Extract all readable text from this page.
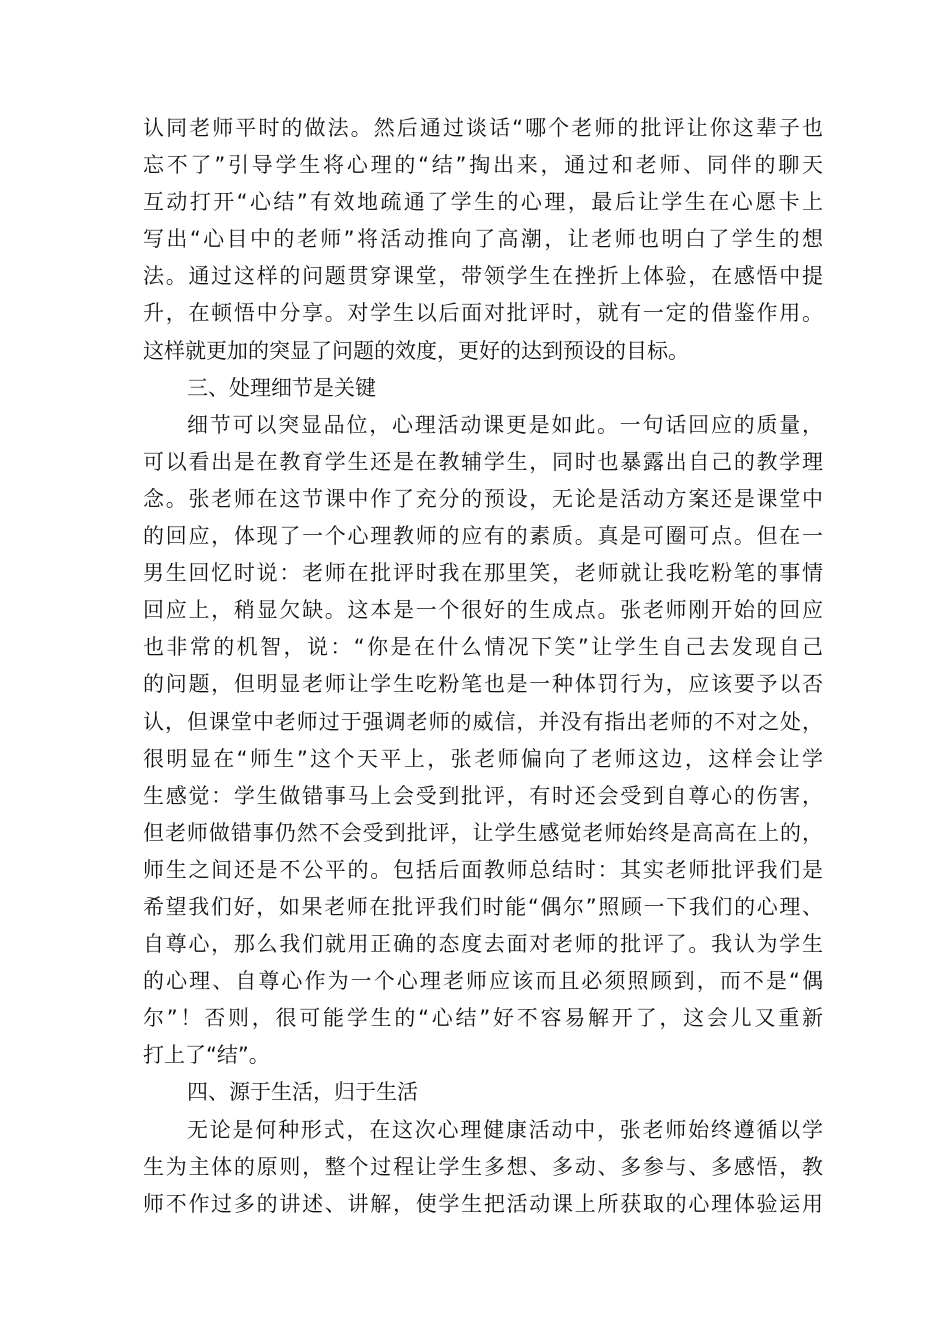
认同老师平时的做法。然后通过谈话“哪个老师的批评让你这辈子也
忘不了”引导学生将心理的“结”掏出来，通过和老师、同伴的聊天
互动打开“心结”有效地疏通了学生的心理，最后让学生在心愿卡上
写出“心目中的老师”将活动推向了高潮，让老师也明白了学生的想
法。通过这样的问题贯穿课堂，带领学生在挫折上体验，在感悟中提
升，在顿悟中分享。对学生以后面对批评时，就有一定的借鉴作用。
这样就更加的突显了问题的效度，更好的达到预设的目标。
三、处理细节是关键
细节可以突显品位，心理活动课更是如此。一句话回应的质量，
可以看出是在教育学生还是在教辅学生，同时也暴露出自己的教学理
念。张老师在这节课中作了充分的预设，无论是活动方案还是课堂中
的回应，体现了一个心理教师的应有的素质。真是可圈可点。但在一
男生回忆时说：老师在批评时我在那里笑，老师就让我吃粉笔的事情
回应上，稍显欠缺。这本是一个很好的生成点。张老师刚开始的回应
也非常的机智，说：“你是在什么情况下笑”让学生自己去发现自己
的问题，但明显老师让学生吃粉笔也是一种体罚行为，应该要予以否
认，但课堂中老师过于强调老师的威信，并没有指出老师的不对之处，
很明显在“师生”这个天平上，张老师偏向了老师这边，这样会让学
生感觉：学生做错事马上会受到批评，有时还会受到自尊心的伤害，
但老师做错事仍然不会受到批评，让学生感觉老师始终是高高在上的，
师生之间还是不公平的。包括后面教师总结时：其实老师批评我们是
希望我们好，如果老师在批评我们时能“偶尔”照顾一下我们的心理、
自尊心，那么我们就用正确的态度去面对老师的批评了。我认为学生
的心理、自尊心作为一个心理老师应该而且必须照顾到，而不是“偶
尔”！否则，很可能学生的“心结”好不容易解开了，这会儿又重新
打上了“结”。
四、源于生活，归于生活
无论是何种形式，在这次心理健康活动中，张老师始终遵循以学
生为主体的原则，整个过程让学生多想、多动、多参与、多感悟，教
师不作过多的讲述、讲解，使学生把活动课上所获取的心理体验运用
